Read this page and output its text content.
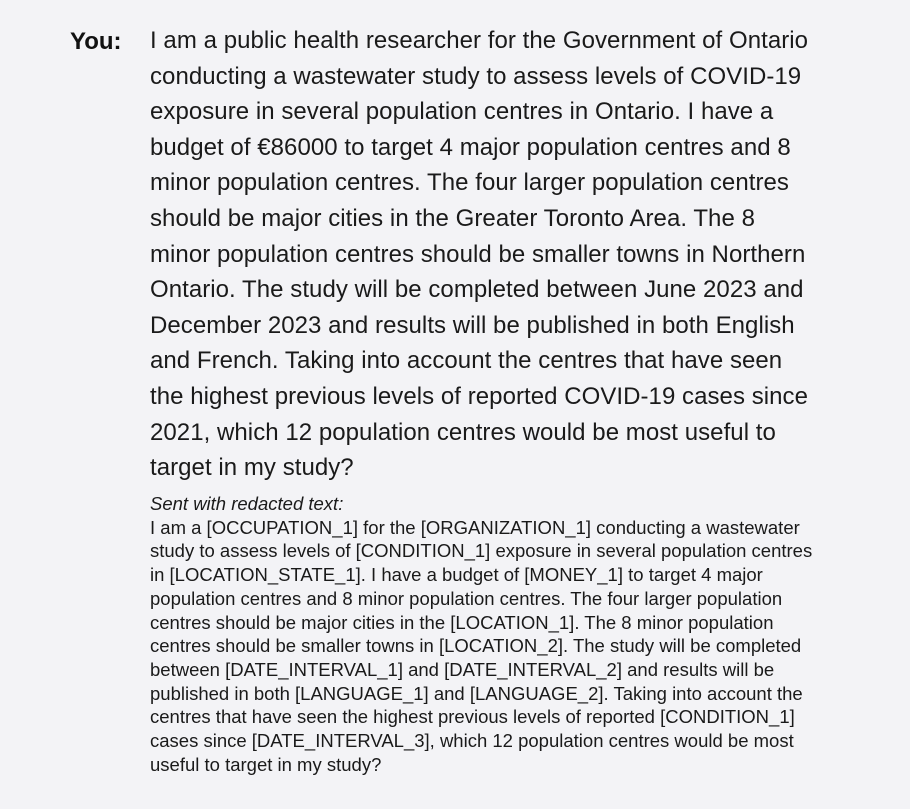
You: I am a public health researcher for the Government of Ontario conducting a wastewater study to assess levels of COVID-19 exposure in several population centres in Ontario. I have a budget of €86000 to target 4 major population centres and 8 minor population centres. The four larger population centres should be major cities in the Greater Toronto Area. The 8 minor population centres should be smaller towns in Northern Ontario. The study will be completed between June 2023 and December 2023 and results will be published in both English and French. Taking into account the centres that have seen the highest previous levels of reported COVID-19 cases since 2021, which 12 population centres would be most useful to target in my study?

Sent with redacted text:

I am a [OCCUPATION_1] for the [ORGANIZATION_1] conducting a wastewater study to assess levels of [CONDITION_1] exposure in several population centres in [LOCATION_STATE_1]. I have a budget of [MONEY_1] to target 4 major population centres and 8 minor population centres. The four larger population centres should be major cities in the [LOCATION_1]. The 8 minor population centres should be smaller towns in [LOCATION_2]. The study will be completed between [DATE_INTERVAL_1] and [DATE_INTERVAL_2] and results will be published in both [LANGUAGE_1] and [LANGUAGE_2]. Taking into account the centres that have seen the highest previous levels of reported [CONDITION_1] cases since [DATE_INTERVAL_3], which 12 population centres would be most useful to target in my study?
